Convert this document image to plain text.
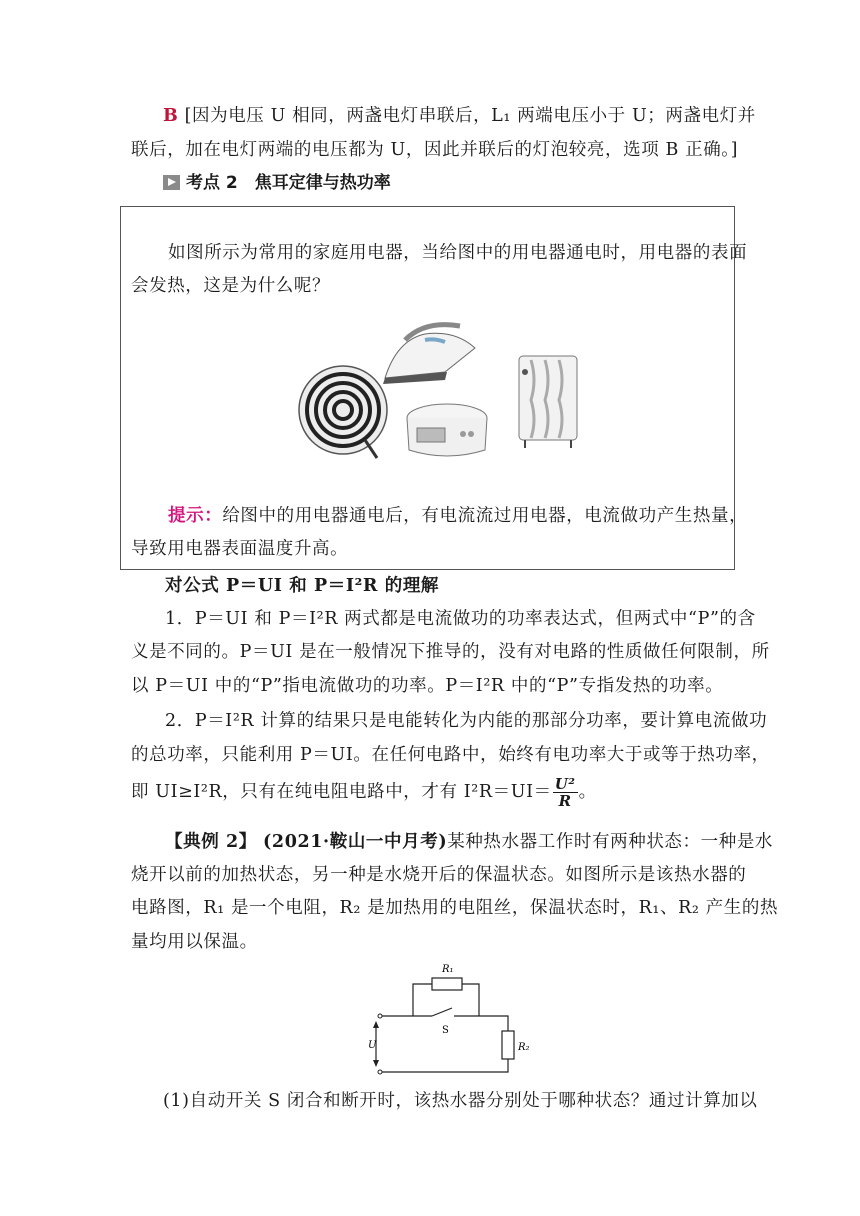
B [因为电压 U 相同，两盏电灯串联后，L₁ 两端电压小于 U；两盏电灯并
联后，加在电灯两端的电压都为 U，因此并联后的灯泡较亮，选项 B 正确。]
考点 2　焦耳定律与热功率
如图所示为常用的家庭用电器，当给图中的用电器通电时，用电器的表面
会发热，这是为什么呢？
提示：给图中的用电器通电后，有电流流过用电器，电流做功产生热量，
导致用电器表面温度升高。
对公式 P＝UI 和 P＝I²R 的理解
1．P＝UI 和 P＝I²R 两式都是电流做功的功率表达式，但两式中“P”的含
义是不同的。P＝UI 是在一般情况下推导的，没有对电路的性质做任何限制，所
以 P＝UI 中的“P”指电流做功的功率。P＝I²R 中的“P”专指发热的功率。
2．P＝I²R 计算的结果只是电能转化为内能的那部分功率，要计算电流做功
的总功率，只能利用 P＝UI。在任何电路中，始终有电功率大于或等于热功率，
即 UI≥I²R，只有在纯电阻电路中，才有 $I^2R=UI= \frac{\text{U²}}{R}$ 。
【典例 2】 (2021·鞍山一中月考)某种热水器工作时有两种状态：一种是水
烧开以前的加热状态，另一种是水烧开后的保温状态。如图所示是该热水器的
电路图，R₁ 是一个电阻，R₂ 是加热用的电阻丝，保温状态时，R₁、R₂ 产生的热
量均用以保温。
R₁
S
R₂
U
(1)自动开关 S 闭合和断开时，该热水器分别处于哪种状态？通过计算加以
